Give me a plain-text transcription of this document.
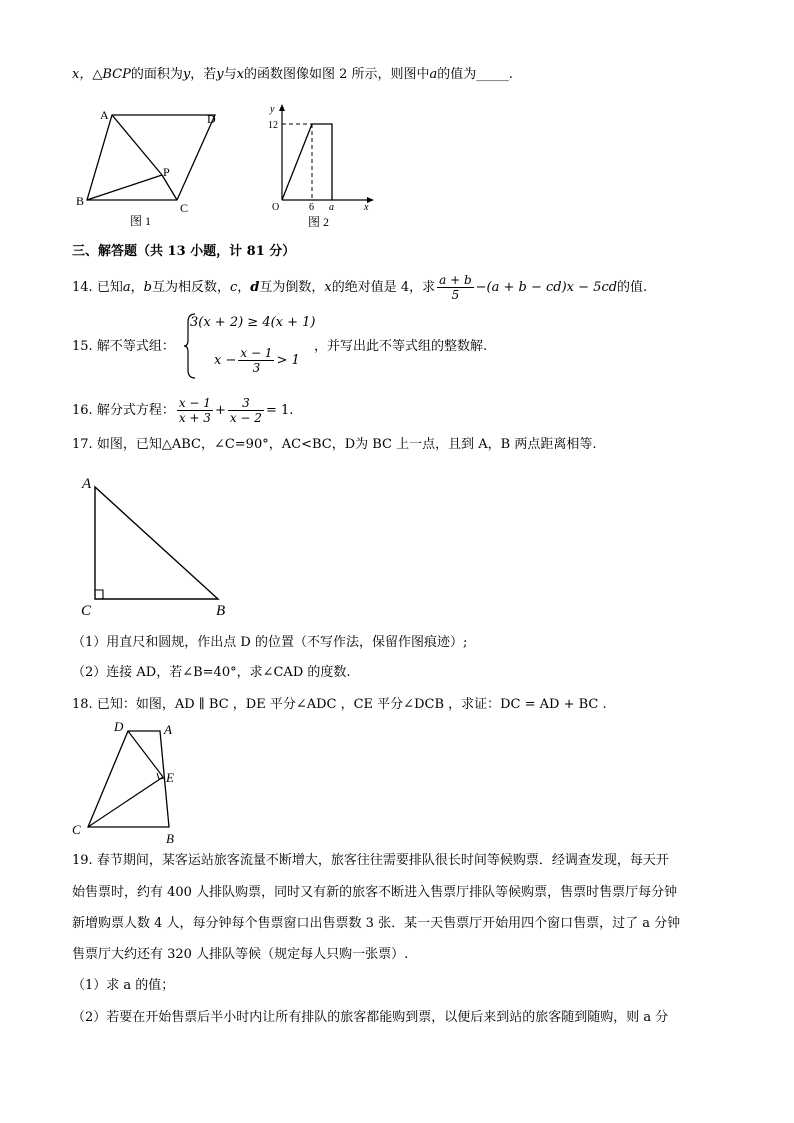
x，△BCP的面积为y，若y与x的函数图像如图 2 所示，则图中a的值为_____.
A	D
B	C
P
图 1
y
12
O	6 a	x
图 2
三、解答题（共 13 小题，计 81 分）
14. 已知a，b互为相反数，c，d互为倒数，x的绝对值是 4，求 $\frac{a + b}{5} -(a + b - cd)x - 5cd$的值.
15. 解不等式组：
3(x + 2) ≥ 4(x + 1)
$x - \frac{x - 1}{3} > 1$
，并写出此不等式组的整数解.
16. 解分式方程： $\frac{x - 1}{x + 3} + \frac{3}{x - 2} = 1$.
17. 如图，已知△ABC，∠C=90°，AC<BC，D为 BC 上一点，且到 A，B 两点距离相等.
A
C	B
（1）用直尺和圆规，作出点 D 的位置（不写作法，保留作图痕迹）;
（2）连接 AD，若∠B=40°，求∠CAD 的度数.
18. 已知：如图，AD ∥ BC ，DE 平分∠ADC ，CE 平分∠DCB ，求证：DC = AD + BC .
D	A
E
C
B
19. 春节期间，某客运站旅客流量不断增大，旅客往往需要排队很长时间等候购票．经调查发现，每天开
始售票时，约有 400 人排队购票，同时又有新的旅客不断进入售票厅排队等候购票，售票时售票厅每分钟
新增购票人数 4 人，每分钟每个售票窗口出售票数 3 张．某一天售票厅开始用四个窗口售票，过了 a 分钟
售票厅大约还有 320 人排队等候（规定每人只购一张票）.
（1）求 a 的值；
（2）若要在开始售票后半小时内让所有排队的旅客都能购到票，以便后来到站的旅客随到随购，则 a 分
